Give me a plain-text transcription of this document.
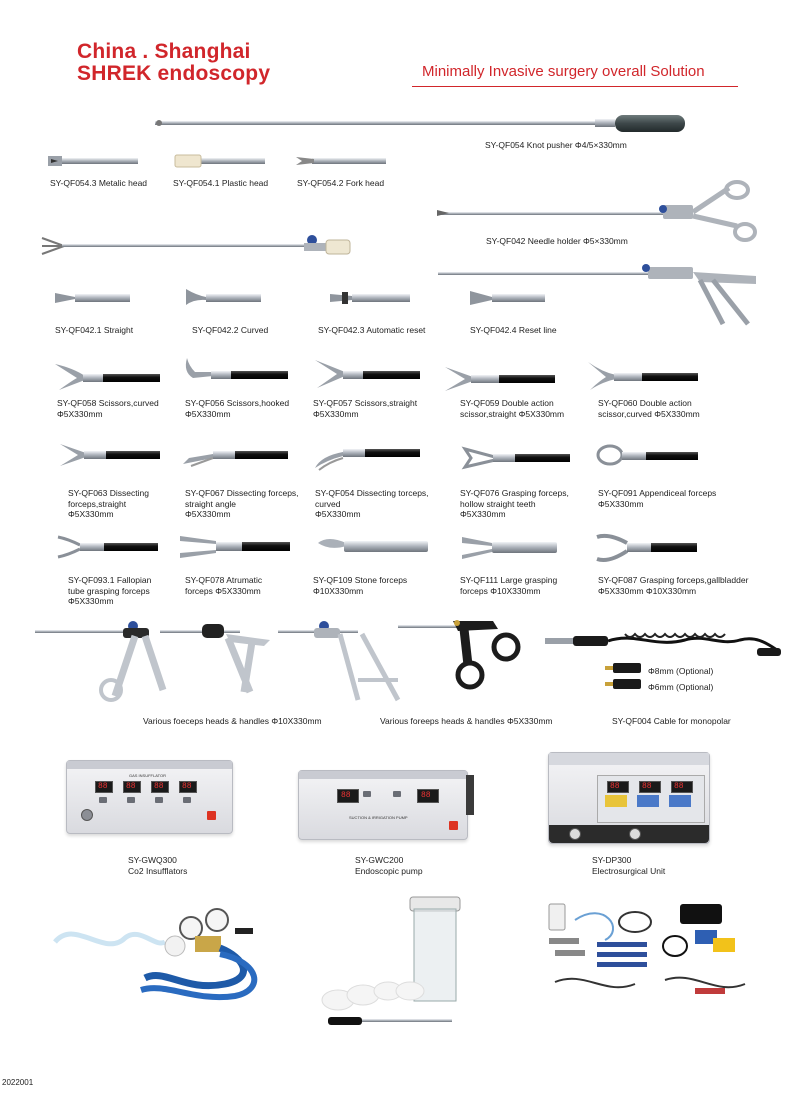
China . Shanghai
SHREK endoscopy	Minimally Invasive surgery overall Solution
SY-QF054 Knot pusher Φ4/5×330mm
SY-QF054.3 Metalic head	SY-QF054.1 Plastic head	SY-QF054.2 Fork head
SY-QF042 Needle holder Φ5×330mm
SY-QF042.1 Straight	SY-QF042.2 Curved	SY-QF042.3 Automatic reset	SY-QF042.4 Reset line
SY-QF058 Scissors,curved
Φ5X330mm
SY-QF056 Scissors,hooked
Φ5X330mm
SY-QF057 Scissors,straight
Φ5X330mm
SY-QF059 Double action
scissor,straight Φ5X330mm
SY-QF060 Double action
scissor,curved Φ5X330mm
SY-QF063 Dissecting
forceps,straight
Φ5X330mm
SY-QF067 Dissecting forceps,
straight angle
Φ5X330mm
SY-QF054 Dissecting torceps,
curved
Φ5X330mm
SY-QF076 Grasping forceps,
hollow straight teeth
Φ5X330mm
SY-QF091 Appendiceal forceps
Φ5X330mm
SY-QF093.1 Fallopian
tube grasping forceps
Φ5X330mm
SY-QF078 Atrumatic
forceps Φ5X330mm
SY-QF109 Stone forceps
Φ10X330mm
SY-QF111 Large grasping
forceps Φ10X330mm
SY-QF087 Grasping forceps,gallbladder
Φ5X330mm Φ10X330mm
Φ8mm (Optional)
Φ6mm (Optional)
Various foeceps heads & handles Φ10X330mm	Various foreeps heads & handles Φ5X330mm	SY-QF004 Cable for monopolar
GAS INSUFFLATOR
88 88 88 88
SY-GWQ300
Co2 Insufflators
88	88
SUCTION & IRRIGATION PUMP
SY-GWC200
Endoscopic pump
88	88	88
SY-DP300
Electrosurgical Unit
2022001
